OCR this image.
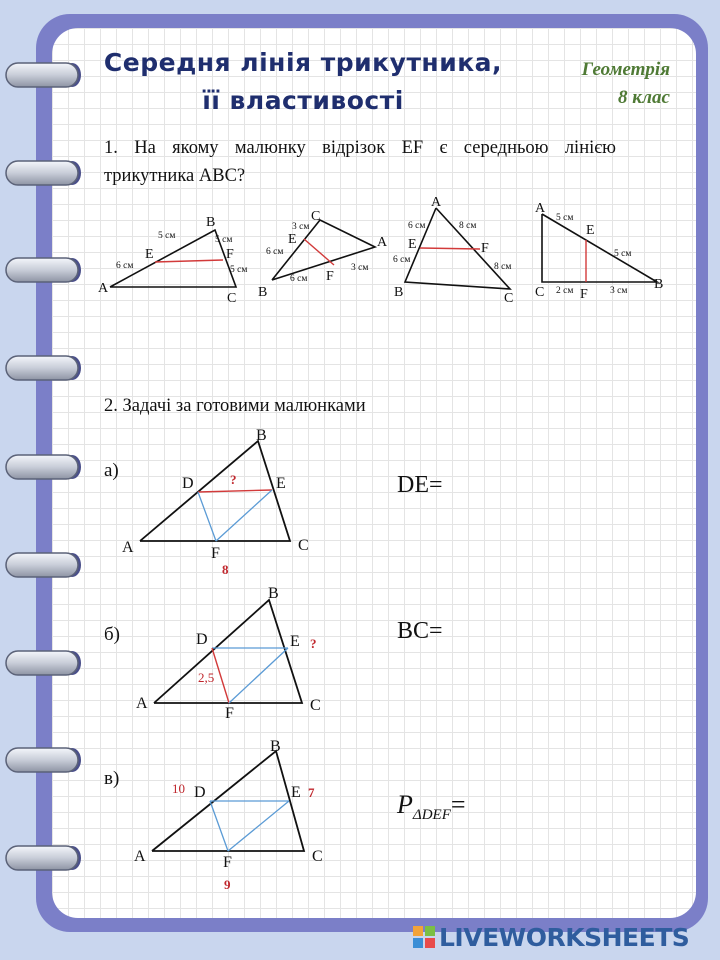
Середня лінія трикутника,
її властивості
Геометрія
8 клас
1. На якому малюнку відрізок EF є середньою лінією трикутника ABC?
A
B
C
E	F
6 см
5 см	5 см
5 см
B
C
A
E
F
3 см
6 см
6 см
3 см
A
B	C
E	F
6 см	8 см
6 см
8 см
A
C
B
E
F
5 см
5 см
2 см	3 см
2. Задачі за готовими малюнками
а)
A
B
C
D	E
F
?
8
DE=
б)
A
B
C
D	E
F
?
2,5
BC=
в)
A
B
C
D	E
F
10	7
9
$P_{\Delta DEF}=$
LIVEWORKSHEETS
